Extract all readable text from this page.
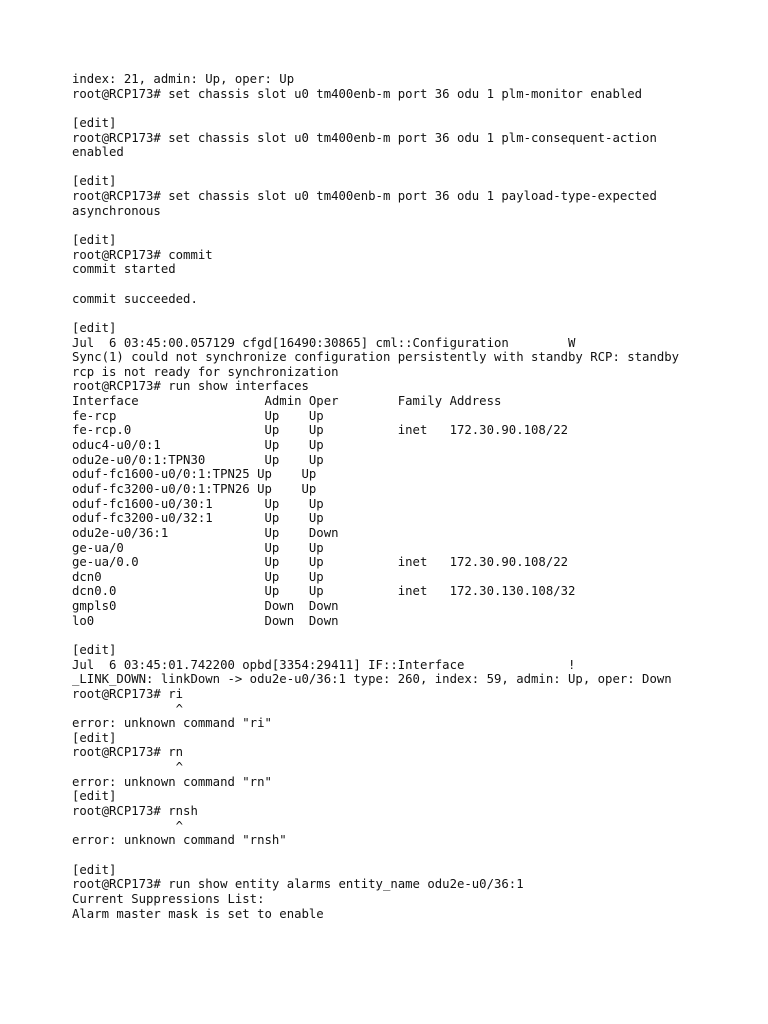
index: 21, admin: Up, oper: Up
root@RCP173# set chassis slot u0 tm400enb-m port 36 odu 1 plm-monitor enabled
[edit]
root@RCP173# set chassis slot u0 tm400enb-m port 36 odu 1 plm-consequent-action
enabled
[edit]
root@RCP173# set chassis slot u0 tm400enb-m port 36 odu 1 payload-type-expected
asynchronous
[edit]
root@RCP173# commit
commit started
commit succeeded.
[edit]
Jul  6 03:45:00.057129 cfgd[16490:30865] cml::Configuration        W
Sync(1) could not synchronize configuration persistently with standby RCP: standby
rcp is not ready for synchronization
root@RCP173# run show interfaces
Interface                 Admin Oper        Family Address
fe-rcp                    Up    Up
fe-rcp.0                  Up    Up          inet   172.30.90.108/22
oduc4-u0/0:1              Up    Up
odu2e-u0/0:1:TPN30        Up    Up
oduf-fc1600-u0/0:1:TPN25 Up    Up
oduf-fc3200-u0/0:1:TPN26 Up    Up
oduf-fc1600-u0/30:1       Up    Up
oduf-fc3200-u0/32:1       Up    Up
odu2e-u0/36:1             Up    Down
ge-ua/0                   Up    Up
ge-ua/0.0                 Up    Up          inet   172.30.90.108/22
dcn0                      Up    Up
dcn0.0                    Up    Up          inet   172.30.130.108/32
gmpls0                    Down  Down
lo0                       Down  Down
[edit]
Jul  6 03:45:01.742200 opbd[3354:29411] IF::Interface              !
_LINK_DOWN: linkDown -> odu2e-u0/36:1 type: 260, index: 59, admin: Up, oper: Down
root@RCP173# ri
^
error: unknown command "ri"
[edit]
root@RCP173# rn
^
error: unknown command "rn"
[edit]
root@RCP173# rnsh
^
error: unknown command "rnsh"
[edit]
root@RCP173# run show entity alarms entity_name odu2e-u0/36:1
Current Suppressions List:
Alarm master mask is set to enable
